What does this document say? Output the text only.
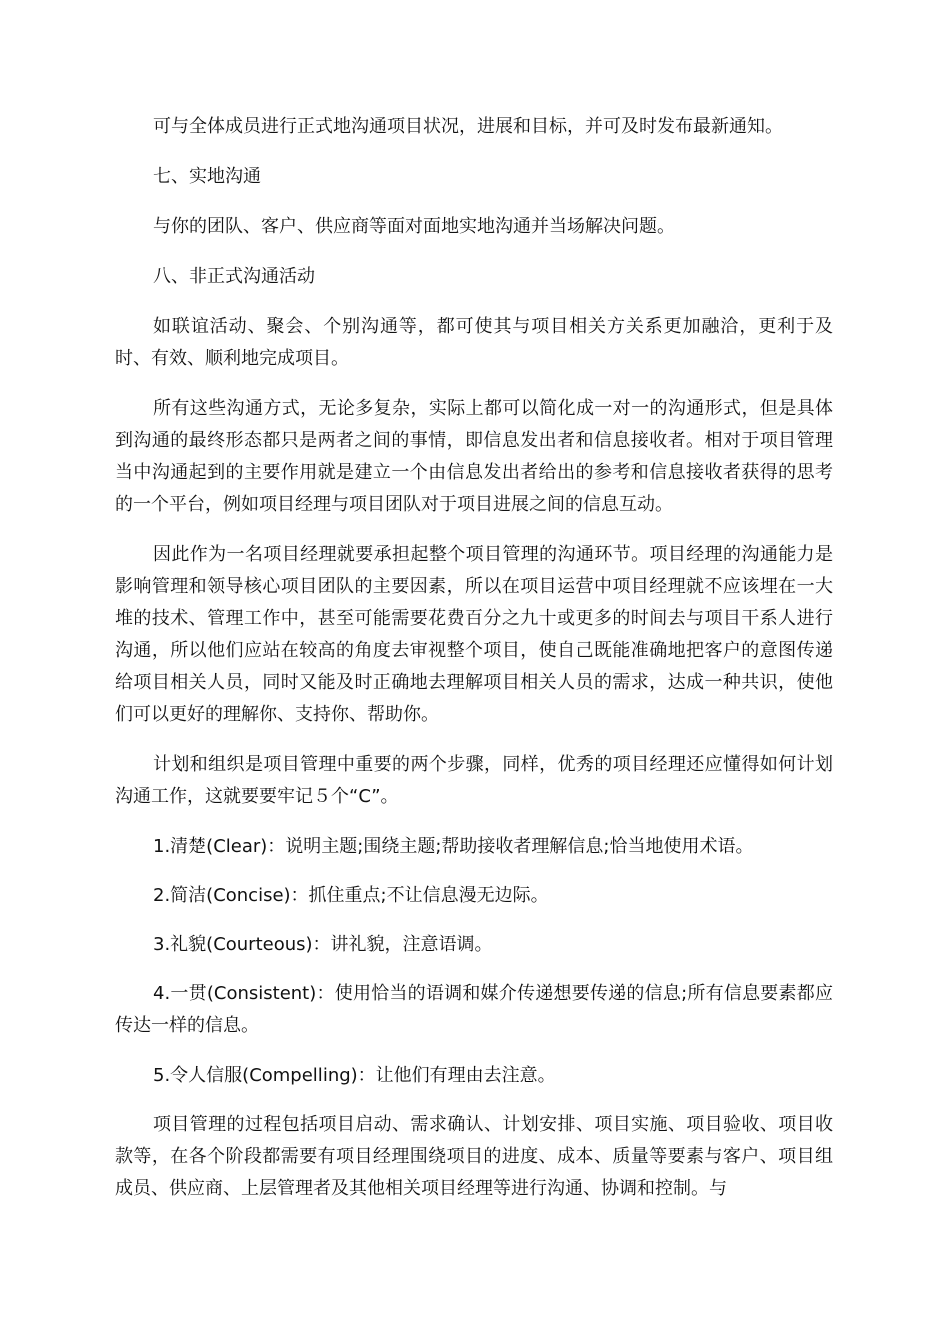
可与全体成员进行正式地沟通项目状况，进展和目标，并可及时发布最新通知。

七、实地沟通

与你的团队、客户、供应商等面对面地实地沟通并当场解决问题。

八、非正式沟通活动

如联谊活动、聚会、个别沟通等，都可使其与项目相关方关系更加融洽，更利于及时、有效、顺利地完成项目。

所有这些沟通方式，无论多复杂，实际上都可以简化成一对一的沟通形式，但是具体到沟通的最终形态都只是两者之间的事情，即信息发出者和信息接收者。相对于项目管理当中沟通起到的主要作用就是建立一个由信息发出者给出的参考和信息接收者获得的思考的一个平台，例如项目经理与项目团队对于项目进展之间的信息互动。

因此作为一名项目经理就要承担起整个项目管理的沟通环节。项目经理的沟通能力是影响管理和领导核心项目团队的主要因素，所以在项目运营中项目经理就不应该埋在一大堆的技术、管理工作中，甚至可能需要花费百分之九十或更多的时间去与项目干系人进行沟通，所以他们应站在较高的角度去审视整个项目，使自己既能准确地把客户的意图传递给项目相关人员，同时又能及时正确地去理解项目相关人员的需求，达成一种共识，使他们可以更好的理解你、支持你、帮助你。

计划和组织是项目管理中重要的两个步骤，同样，优秀的项目经理还应懂得如何计划沟通工作，这就要要牢记５个“C”。

1.清楚(Clear)：说明主题;围绕主题;帮助接收者理解信息;恰当地使用术语。

2.简洁(Concise)：抓住重点;不让信息漫无边际。

3.礼貌(Courteous)：讲礼貌，注意语调。

4.一贯(Consistent)：使用恰当的语调和媒介传递想要传递的信息;所有信息要素都应传达一样的信息。

5.令人信服(Compelling)：让他们有理由去注意。

项目管理的过程包括项目启动、需求确认、计划安排、项目实施、项目验收、项目收款等，在各个阶段都需要有项目经理围绕项目的进度、成本、质量等要素与客户、项目组成员、供应商、上层管理者及其他相关项目经理等进行沟通、协调和控制。与
